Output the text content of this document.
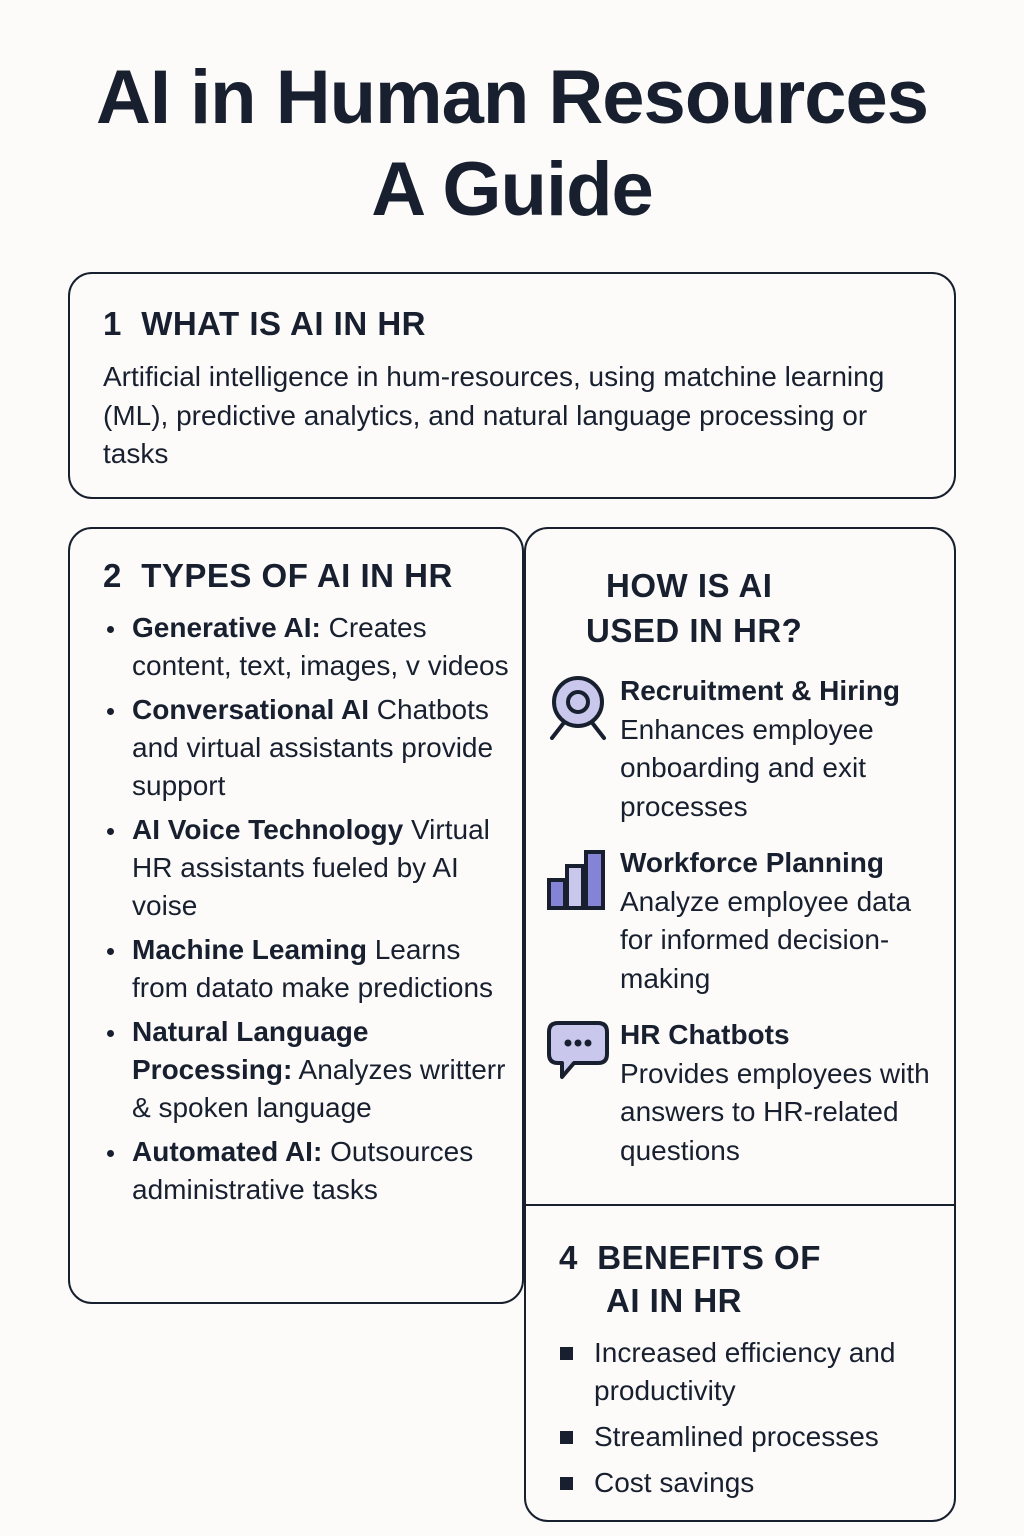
AI in Human Resources
A Guide
1  WHAT IS AI IN HR
Artificial intelligence in hum-resources, using matchine learning (ML), predictive analytics, and natural language processing or tasks
2  TYPES OF AI IN HR
Generative AI: Creates content, text, images, v videos
Conversational AI Chatbots and virtual assistants provide support
AI Voice Technology Virtual HR assistants fueled by AI voise
Machine Leaming Learns from datato make predictions
Natural Language Processing: Analyzes writterr & spoken language
Automated AI: Outsources administrative tasks
HOW IS AI
USED IN HR?
Recruitment & Hiring
Enhances employee onboarding and exit processes
Workforce Planning
Analyze employee data for informed decision-making
HR Chatbots
Provides employees with answers to HR-related questions
4  BENEFITS OF
AI IN HR
Increased efficiency and productivity
Streamlined processes
Cost savings
